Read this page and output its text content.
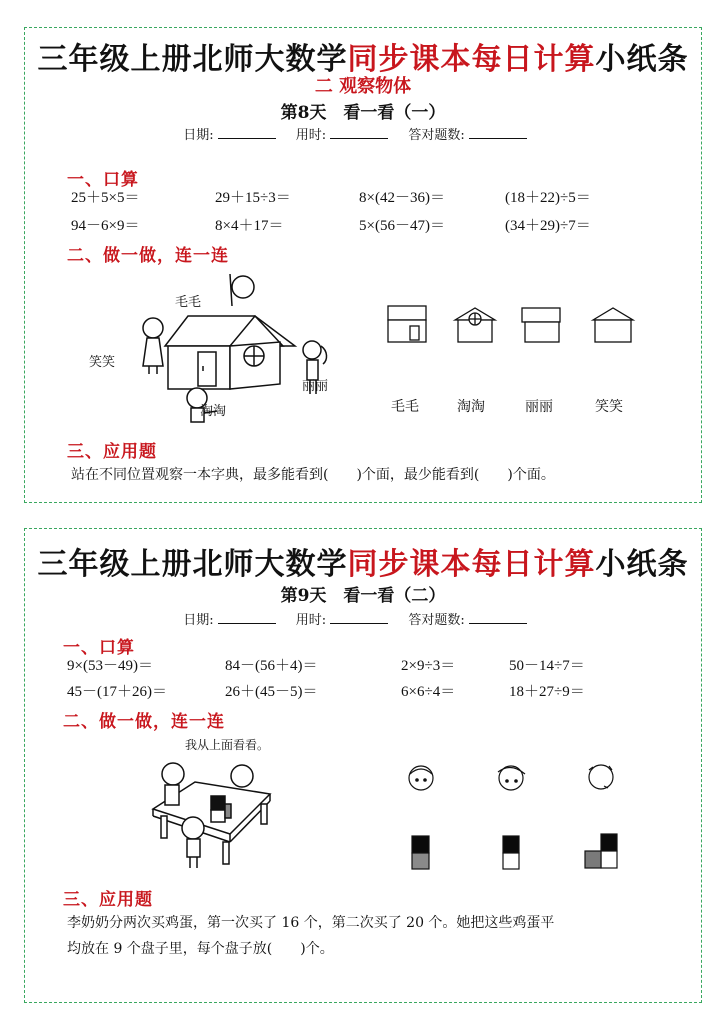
三年级上册北师大数学同步课本每日计算小纸条
二 观察物体
第8天　看一看（一）
日期:	用时:	答对题数:
一、口算
25＋5×5＝	29＋15÷3＝	8×(42－36)＝	(18＋22)÷5＝
94－6×9＝	8×4＋17＝	5×(56－47)＝	(34＋29)÷7＝
二、做一做，连一连
毛毛
笑笑
丽丽
淘淘	毛毛	淘淘	丽丽	笑笑
三、应用题
站在不同位置观察一本字典，最多能看到(　　)个面，最少能看到(　　)个面。
三年级上册北师大数学同步课本每日计算小纸条
第9天　看一看（二）
日期:	用时:	答对题数:
一、口算
9×(53－49)＝	84－(56＋4)＝	2×9÷3＝	50－14÷7＝
45－(17＋26)＝	26＋(45－5)＝	6×6÷4＝	18＋27÷9＝
二、做一做，连一连
我从上面看看。
三、应用题
李奶奶分两次买鸡蛋，第一次买了 16 个，第二次买了 20 个。她把这些鸡蛋平
均放在 9 个盘子里，每个盘子放(　　)个。
